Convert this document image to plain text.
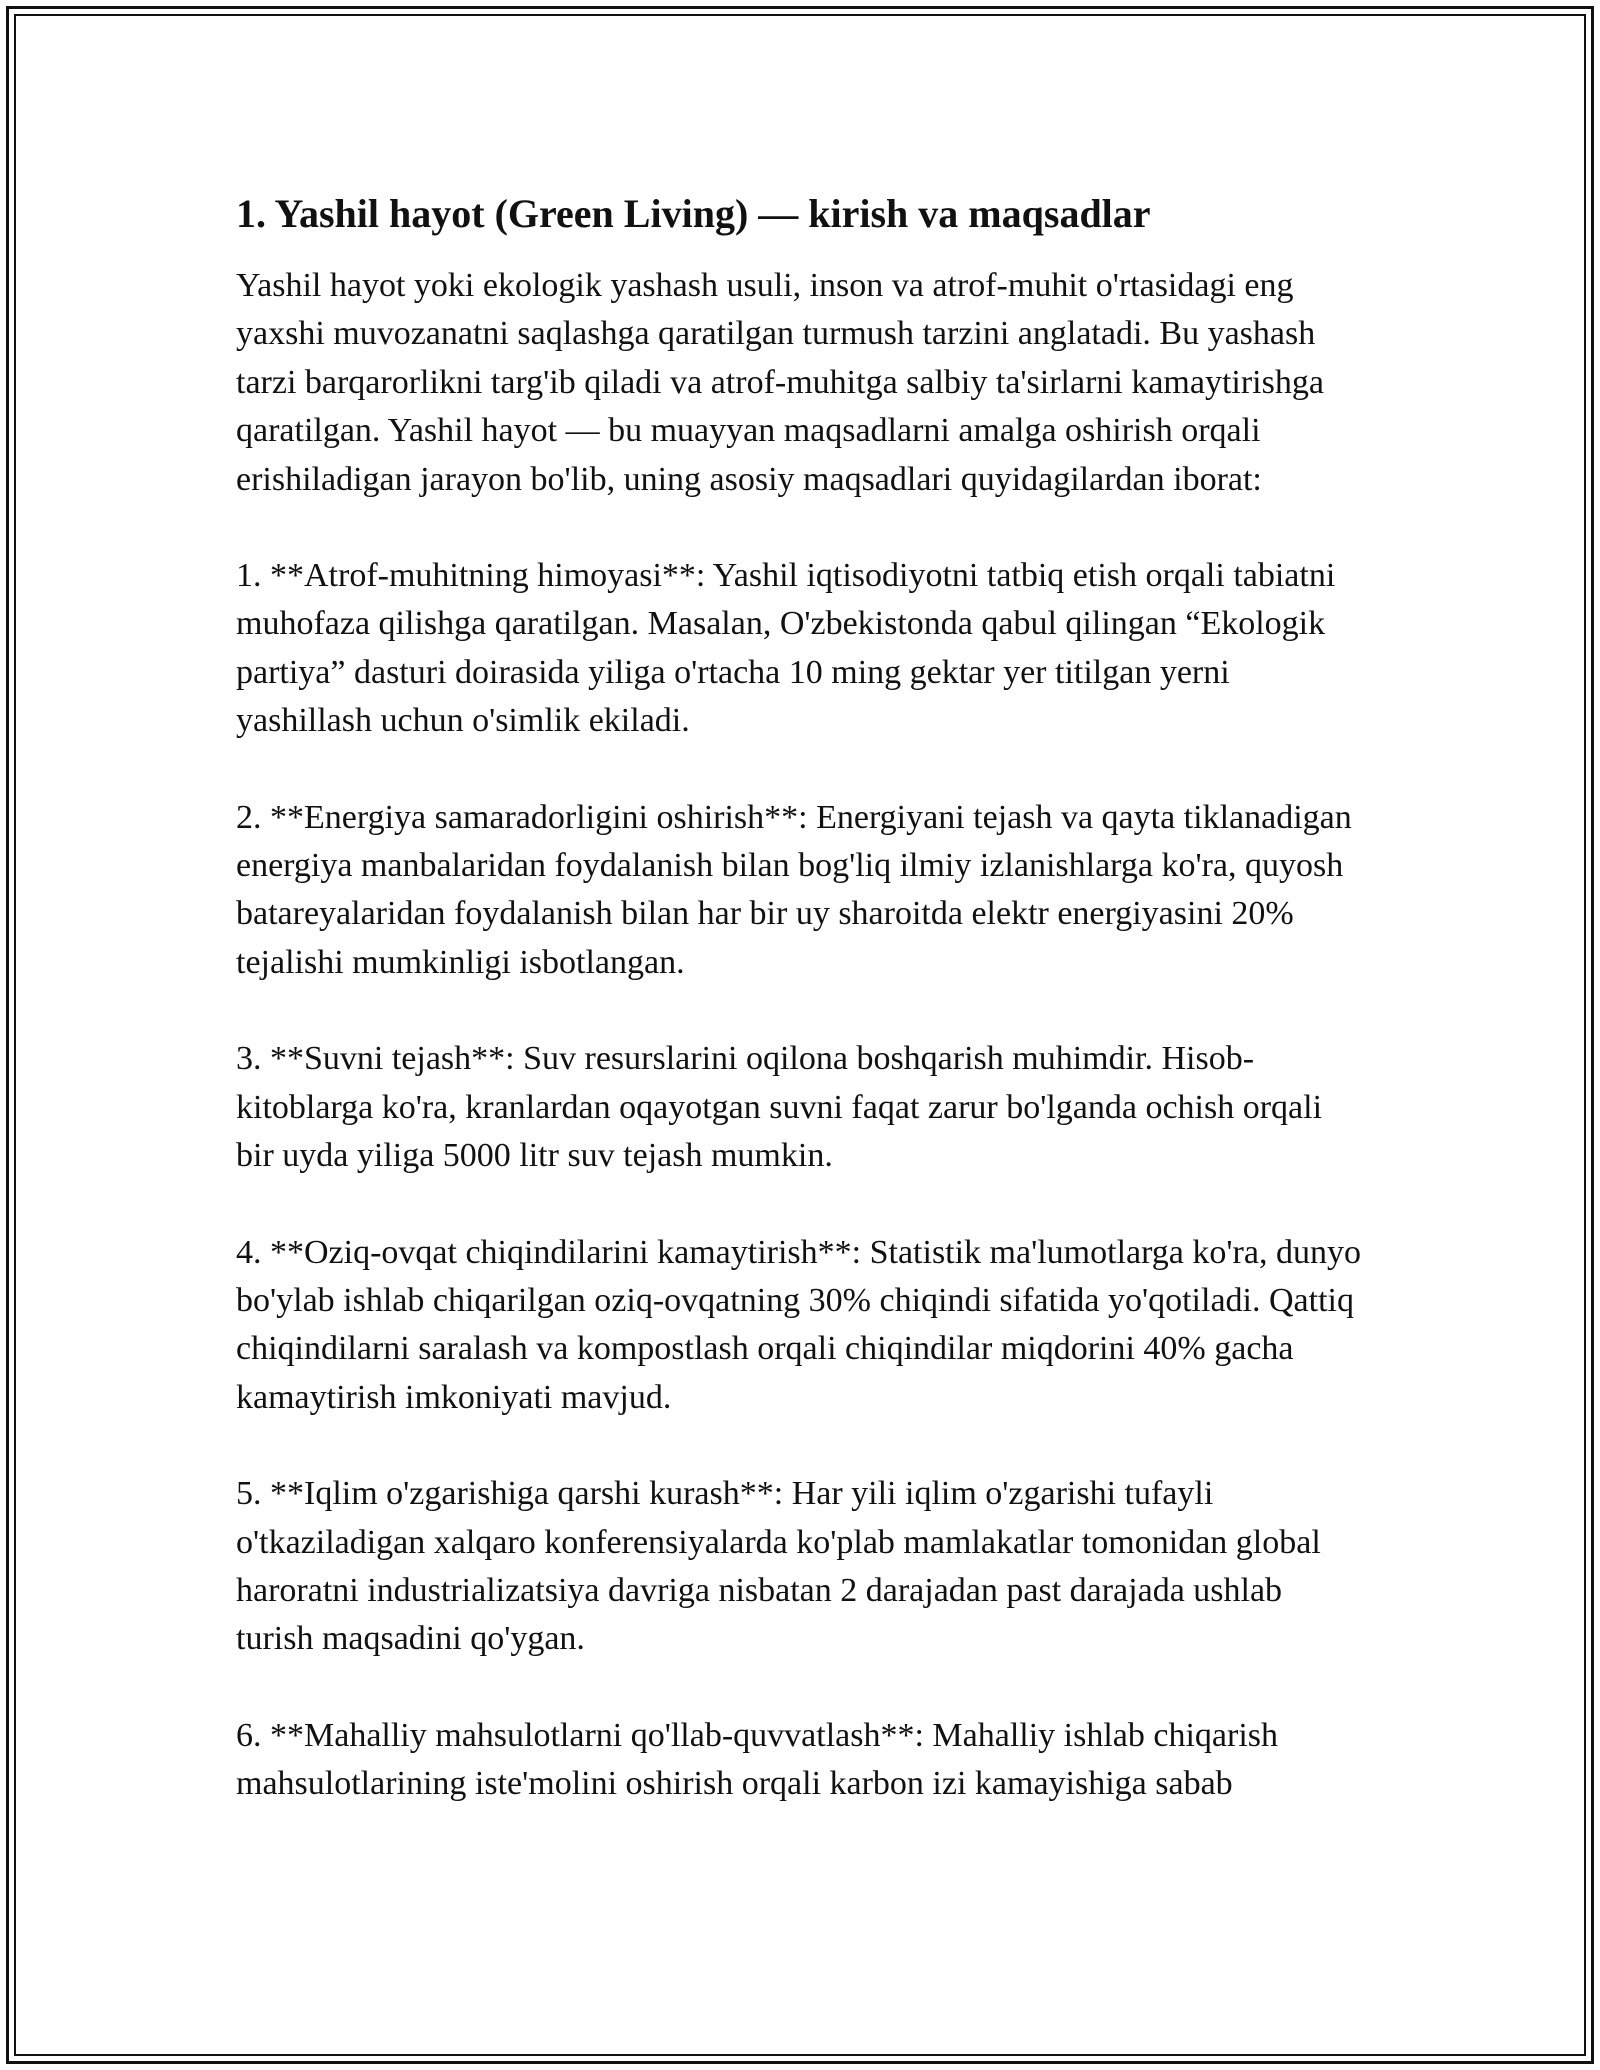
1. Yashil hayot (Green Living) — kirish va maqsadlar

Yashil hayot yoki ekologik yashash usuli, inson va atrof-muhit o'rtasidagi eng yaxshi muvozanatni saqlashga qaratilgan turmush tarzini anglatadi. Bu yashash tarzi barqarorlikni targ'ib qiladi va atrof-muhitga salbiy ta'sirlarni kamaytirishga qaratilgan. Yashil hayot — bu muayyan maqsadlarni amalga oshirish orqali erishiladigan jarayon bo'lib, uning asosiy maqsadlari quyidagilardan iborat:

1. **Atrof-muhitning himoyasi**: Yashil iqtisodiyotni tatbiq etish orqali tabiatni muhofaza qilishga qaratilgan. Masalan, O'zbekistonda qabul qilingan “Ekologik partiya” dasturi doirasida yiliga o'rtacha 10 ming gektar yer titilgan yerni yashillash uchun o'simlik ekiladi.

2. **Energiya samaradorligini oshirish**: Energiyani tejash va qayta tiklanadigan energiya manbalaridan foydalanish bilan bog'liq ilmiy izlanishlarga ko'ra, quyosh batareyalaridan foydalanish bilan har bir uy sharoitda elektr energiyasini 20% tejalishi mumkinligi isbotlangan.

3. **Suvni tejash**: Suv resurslarini oqilona boshqarish muhimdir. Hisob-kitoblarga ko'ra, kranlardan oqayotgan suvni faqat zarur bo'lganda ochish orqali bir uyda yiliga 5000 litr suv tejash mumkin.

4. **Oziq-ovqat chiqindilarini kamaytirish**: Statistik ma'lumotlarga ko'ra, dunyo bo'ylab ishlab chiqarilgan oziq-ovqatning 30% chiqindi sifatida yo'qotiladi. Qattiq chiqindilarni saralash va kompostlash orqali chiqindilar miqdorini 40% gacha kamaytirish imkoniyati mavjud.

5. **Iqlim o'zgarishiga qarshi kurash**: Har yili iqlim o'zgarishi tufayli o'tkaziladigan xalqaro konferensiyalarda ko'plab mamlakatlar tomonidan global haroratni industrializatsiya davriga nisbatan 2 darajadan past darajada ushlab turish maqsadini qo'ygan.

6. **Mahalliy mahsulotlarni qo'llab-quvvatlash**: Mahalliy ishlab chiqarish mahsulotlarining iste'molini oshirish orqali karbon izi kamayishiga sabab
